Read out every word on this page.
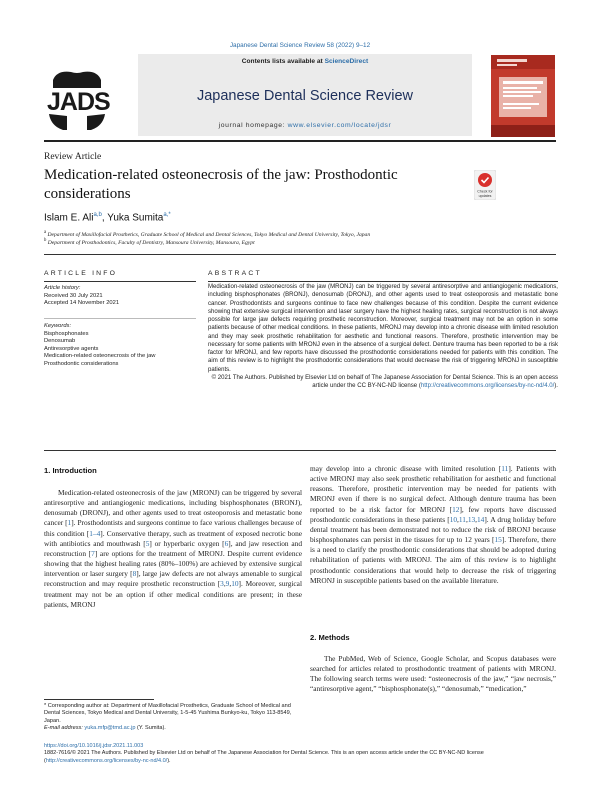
Japanese Dental Science Review 58 (2022) 9–12
Contents lists available at ScienceDirect
Japanese Dental Science Review
journal homepage: www.elsevier.com/locate/jdsr
JADS
Review Article
Medication-related osteonecrosis of the jaw: Prosthodontic considerations	Check for
updates
Islam E. Ali$^{a,b}$, Yuka Sumita$^{a,*}$
$^a$ Department of Maxillofacial Prosthetics, Graduate School of Medical and Dental Sciences, Tokyo Medical and Dental University, Tokyo, Japan
$^b$ Department of Prosthodontics, Faculty of Dentistry, Mansoura University, Mansoura, Egypt
ARTICLE INFO
Article history:
Received 30 July 2021
Accepted 14 November 2021
Keywords:
Bisphosphonates
Denosumab
Antiresorptive agents
Medication-related osteonecrosis of the jaw
Prosthodontic considerations
ABSTRACT
Medication-related osteonecrosis of the jaw (MRONJ) can be triggered by several antiresorptive and antiangiogenic medications, including bisphosphonates (BRONJ), denosumab (DRONJ), and other agents used to treat osteoporosis and metastatic bone cancer. Prosthodontists and surgeons continue to face new challenges because of this condition. Despite the current evidence showing that extensive surgical intervention and laser surgery have the highest healing rates, surgical reconstruction is not always possible for large jaw defects requiring prosthetic reconstruction. Moreover, surgical treatment may not be an option in some patients because of other medical conditions. In these patients, MRONJ may develop into a chronic disease with limited resolution and they may seek prosthetic rehabilitation for aesthetic and functional reasons. Therefore, prosthetic intervention may be necessary for some patients with MRONJ even in the absence of a surgical defect. Denture trauma has been reported to be a risk factor for MRONJ, and few reports have discussed the prosthodontic considerations needed for patients with this condition. The aim of this review is to highlight the prosthodontic considerations that would decrease the risk of triggering MRONJ in susceptible patients.
© 2021 The Authors. Published by Elsevier Ltd on behalf of The Japanese Association for Dental Science. This is an open access article under the CC BY-NC-ND license (http://creativecommons.org/licenses/by-nc-nd/4.0/).
1. Introduction

Medication-related osteonecrosis of the jaw (MRONJ) can be triggered by several antiresorptive and antiangiogenic medications, including bisphosphonates (BRONJ), denosumab (DRONJ), and other agents used to treat osteoporosis and metastatic bone cancer [1]. Prosthodontists and surgeons continue to face various challenges because of this condition [1–4]. Conservative therapy, such as treatment of exposed necrotic bone with antibiotics and mouthwash [5] or hyperbaric oxygen [6], and jaw resection and reconstruction [7] are options for the treatment of MRONJ. Despite current evidence showing that the highest healing rates (80%–100%) are achieved by extensive surgical intervention or laser surgery [8], large jaw defects are not always amenable to surgical reconstruction and may require prosthetic reconstruction [3,9,10]. Moreover, surgical treatment may not be an option if other medical conditions are present; in these patients, MRONJ

* Corresponding author at: Department of Maxillofacial Prosthetics, Graduate School of Medical and Dental Sciences, Tokyo Medical and Dental University, 1-5-45 Yushima Bunkyo-ku, Tokyo 113-8549, Japan.
E-mail address: yuka.mfp@tmd.ac.jp (Y. Sumita).
may develop into a chronic disease with limited resolution [11]. Patients with active MRONJ may also seek prosthetic rehabilitation for aesthetic and functional reasons. Therefore, prosthetic intervention may be needed for patients with MRONJ even if there is no surgical defect. Although denture trauma has been reported to be a risk factor for MRONJ [12], few reports have discussed prosthodontic considerations in these patients [10,11,13,14]. A drug holiday before dental treatment has been demonstrated not to reduce the risk of BRONJ because bisphosphonates can persist in the tissues for up to 12 years [15]. Therefore, there is a need to clarify the prosthodontic considerations that should be adopted during rehabilitation of patients with MRONJ. The aim of this review is to highlight prosthodontic considerations that would help to decrease the risk of triggering MRONJ in susceptible patients based on the available literature.
2. Methods

The PubMed, Web of Science, Google Scholar, and Scopus databases were searched for articles related to prosthodontic treatment of patients with MRONJ. The following search terms were used: “osteonecrosis of the jaw,” “jaw necrosis,” “antiresorptive agent,” “bisphosphonate(s),” “denosumab,” “medication,”

https://doi.org/10.1016/j.jdsr.2021.11.003
1882-7616/© 2021 The Authors. Published by Elsevier Ltd on behalf of The Japanese Association for Dental Science. This is an open access article under the CC BY-NC-ND license (http://creativecommons.org/licenses/by-nc-nd/4.0/).
